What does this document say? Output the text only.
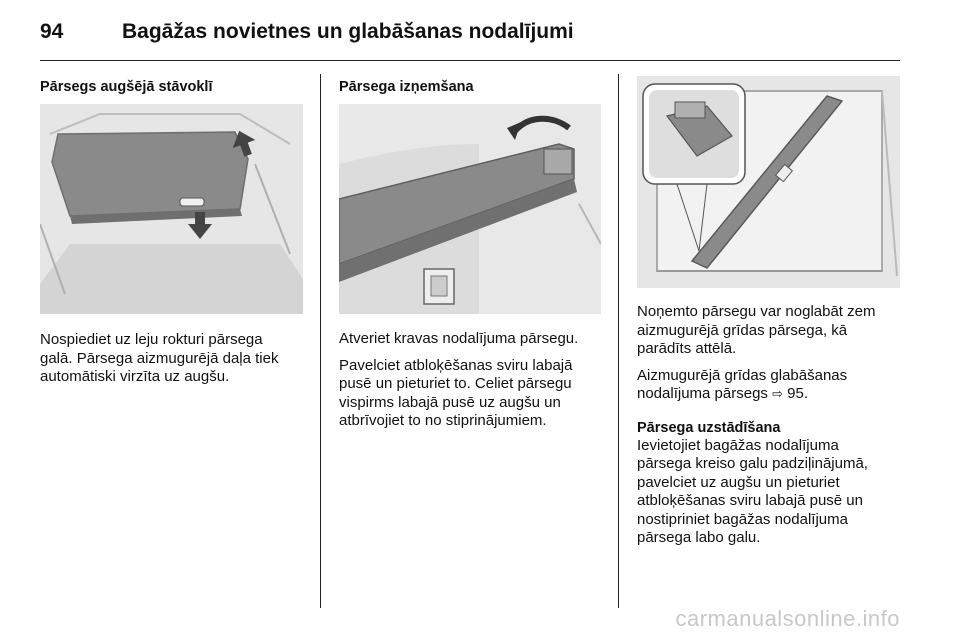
94	Bagāžas novietnes un glabāšanas nodalījumi

Pārsegs augšējā stāvoklī

Nospiediet uz leju rokturi pārsega

galā. Pārsega aizmugurējā daļa tiek

automātiski virzīta uz augšu.

Pārsega izņemšana

Atveriet kravas nodalījuma pārsegu.

Pavelciet atbloķēšanas sviru labajā

pusē un pieturiet to. Celiet pārsegu

vispirms labajā pusē uz augšu un

atbrīvojiet to no stiprinājumiem.

Noņemto pārsegu var noglabāt zem

aizmugurējā grīdas pārsega, kā

parādīts attēlā.

Aizmugurējā grīdas glabāšanas

nodalījuma pārsegs ⇨ 95.

Pārsega uzstādīšana

Ievietojiet bagāžas nodalījuma

pārsega kreiso galu padziļinājumā,

pavelciet uz augšu un pieturiet

atbloķēšanas sviru labajā pusē un

nostipriniet bagāžas nodalījuma

pārsega labo galu.

carmanualsonline.info
